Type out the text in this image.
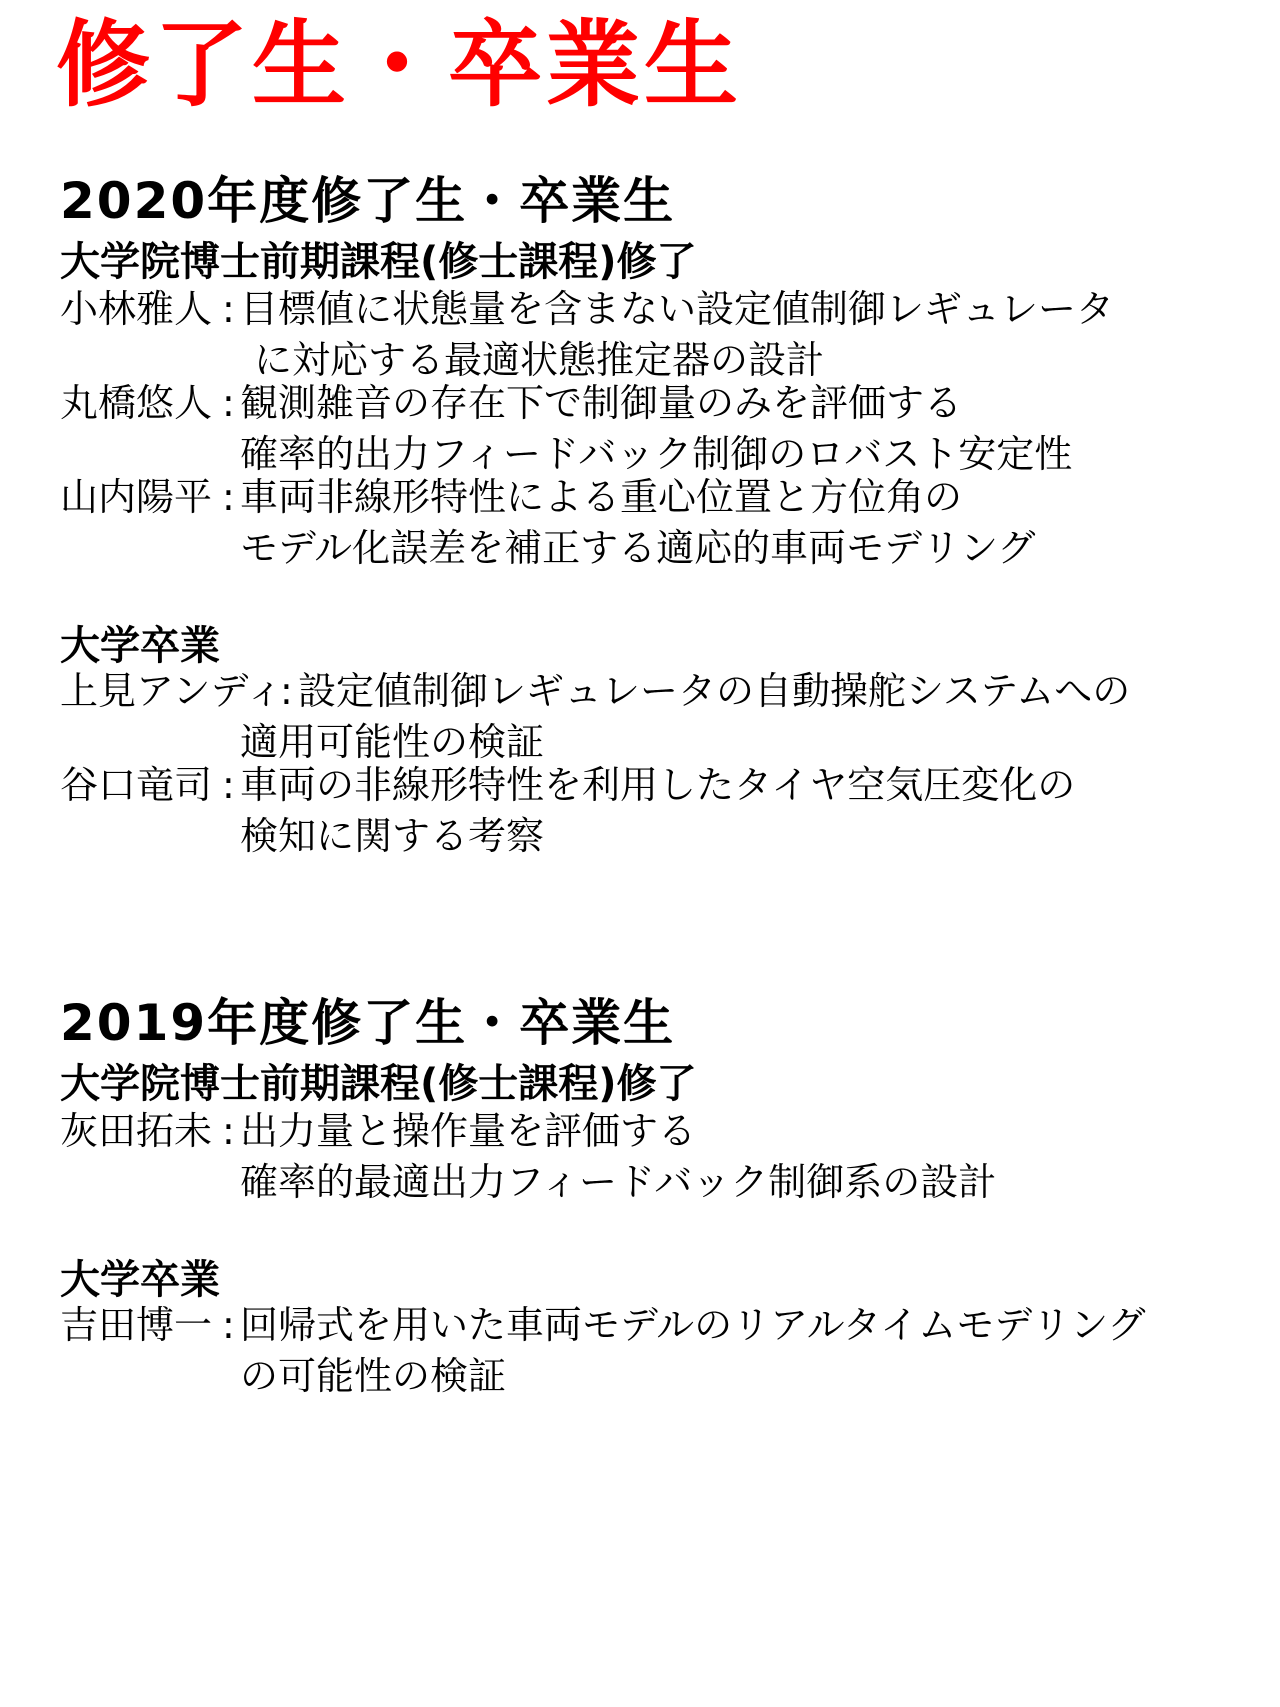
修了生・卒業生
2020年度修了生・卒業生
大学院博士前期課程(修士課程)修了
小林雅人 : 目標値に状態量を含まない設定値制御レギュレータ
に対応する最適状態推定器の設計
丸橋悠人 : 観測雑音の存在下で制御量のみを評価する
確率的出力フィードバック制御のロバスト安定性
山内陽平 : 車両非線形特性による重心位置と方位角の
モデル化誤差を補正する適応的車両モデリング
大学卒業
上見アンディ: 設定値制御レギュレータの自動操舵システムへの
適用可能性の検証
谷口竜司 : 車両の非線形特性を利用したタイヤ空気圧変化の
検知に関する考察
2019年度修了生・卒業生
大学院博士前期課程(修士課程)修了
灰田拓未 : 出力量と操作量を評価する
確率的最適出力フィードバック制御系の設計
大学卒業
吉田博一 : 回帰式を用いた車両モデルのリアルタイムモデリング
の可能性の検証
